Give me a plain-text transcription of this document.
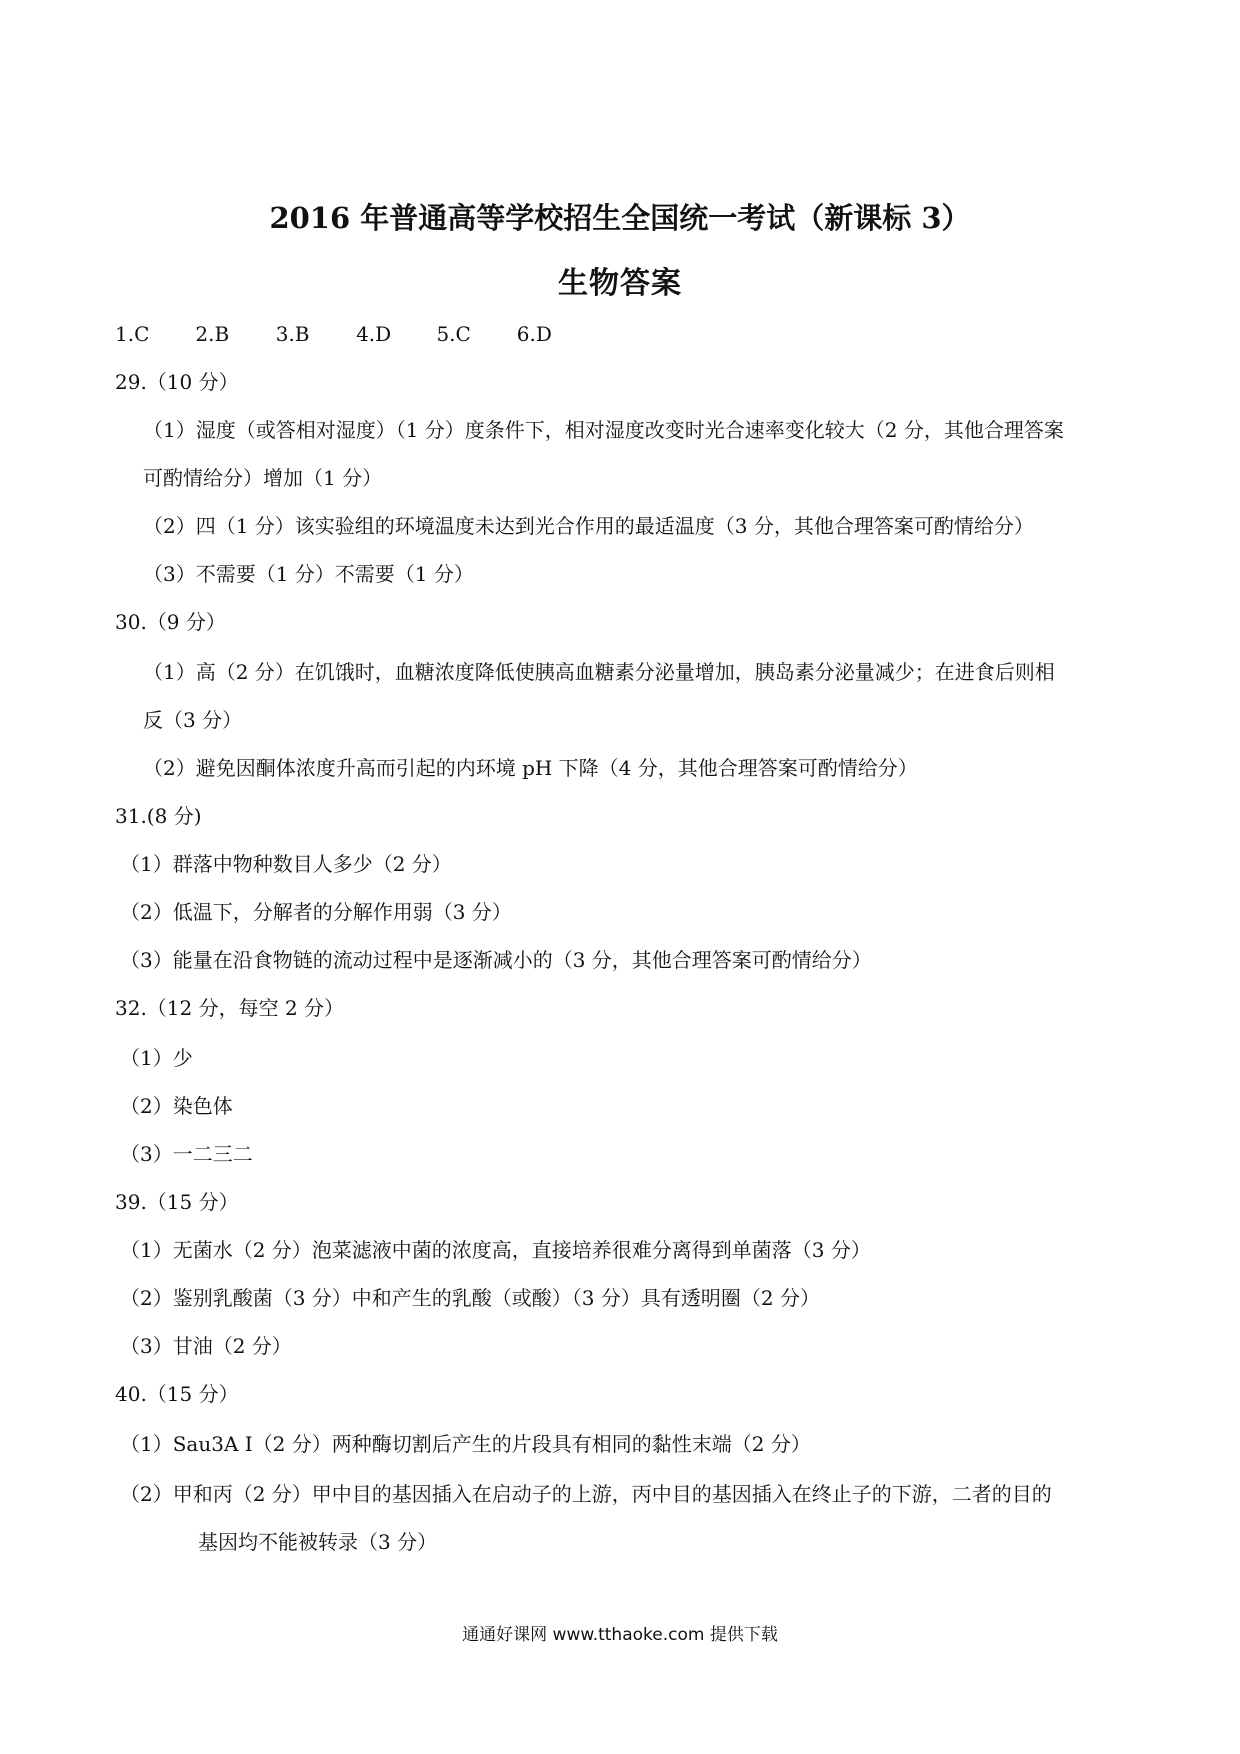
2016 年普通高等学校招生全国统一考试（新课标 3）
生物答案
1.C 2.B 3.B 4.D 5.C 6.D
29.（10 分）
（1）湿度（或答相对湿度）（1 分）度条件下，相对湿度改变时光合速率变化较大（2 分，其他合理答案
可酌情给分）增加（1 分）
（2）四（1 分）该实验组的环境温度未达到光合作用的最适温度（3 分，其他合理答案可酌情给分）
（3）不需要（1 分）不需要（1 分）
30.（9 分）
（1）高（2 分）在饥饿时，血糖浓度降低使胰高血糖素分泌量增加，胰岛素分泌量减少；在进食后则相
反（3 分）
（2）避免因酮体浓度升高而引起的内环境 pH 下降（4 分，其他合理答案可酌情给分）
31.(8 分)
（1）群落中物种数目人多少（2 分）
（2）低温下，分解者的分解作用弱（3 分）
（3）能量在沿食物链的流动过程中是逐渐减小的（3 分，其他合理答案可酌情给分）
32.（12 分，每空 2 分）
（1）少
（2）染色体
（3）一二三二
39.（15 分）
（1）无菌水（2 分）泡菜滤液中菌的浓度高，直接培养很难分离得到单菌落（3 分）
（2）鉴别乳酸菌（3 分）中和产生的乳酸（或酸）（3 分）具有透明圈（2 分）
（3）甘油（2 分）
40.（15 分）
（1）Sau3A Ⅰ（2 分）两种酶切割后产生的片段具有相同的黏性末端（2 分）
（2）甲和丙（2 分）甲中目的基因插入在启动子的上游，丙中目的基因插入在终止子的下游，二者的目的
基因均不能被转录（3 分）
通通好课网 www.tthaoke.com 提供下载
